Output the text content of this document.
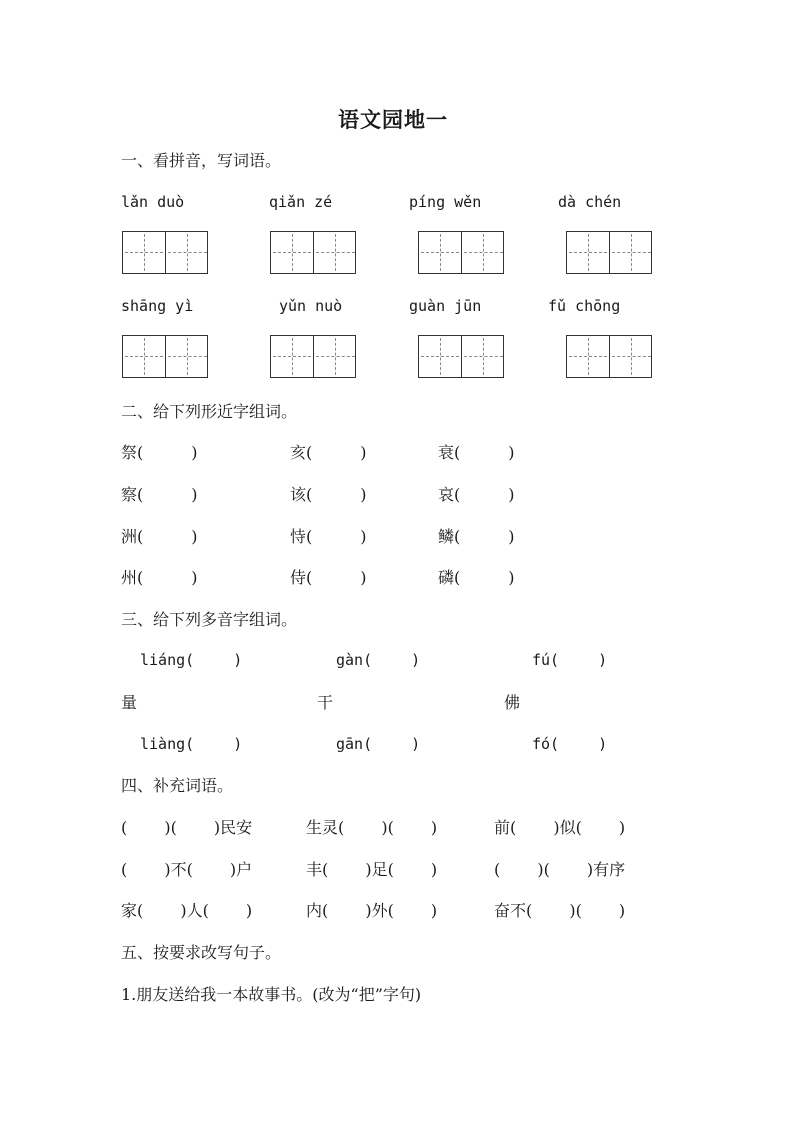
语文园地一
一、看拼音，写词语。
lǎn duò	qiǎn zé	píng wěn	dà chén
shāng yì	yǔn nuò	guàn jūn	fǔ chōng
二、给下列形近字组词。
祭(　　　)	亥(　　　)	衰(　　　)
察(　　　)	该(　　　)	哀(　　　)
洲(　　　)	恃(　　　)	鳞(　　　)
州(　　　)	侍(　　　)	磷(　　　)
三、给下列多音字组词。
liáng(　　 )	gàn(　　 )	fú(　　 )
量	干	佛
liàng(　　 )	gān(　　 )	fó(　　 )
四、补充词语。
(　　 )(　　 )民安	生灵(　　 )(　　 )	前(　　 )似(　　 )
(　　 )不(　　 )户	丰(　　 )足(　　 )	(　　 )(　　 )有序
家(　　 )人(　　 )	内(　　 )外(　　 )	奋不(　　 )(　　 )
五、按要求改写句子。
1.朋友送给我一本故事书。(改为“把”字句)
